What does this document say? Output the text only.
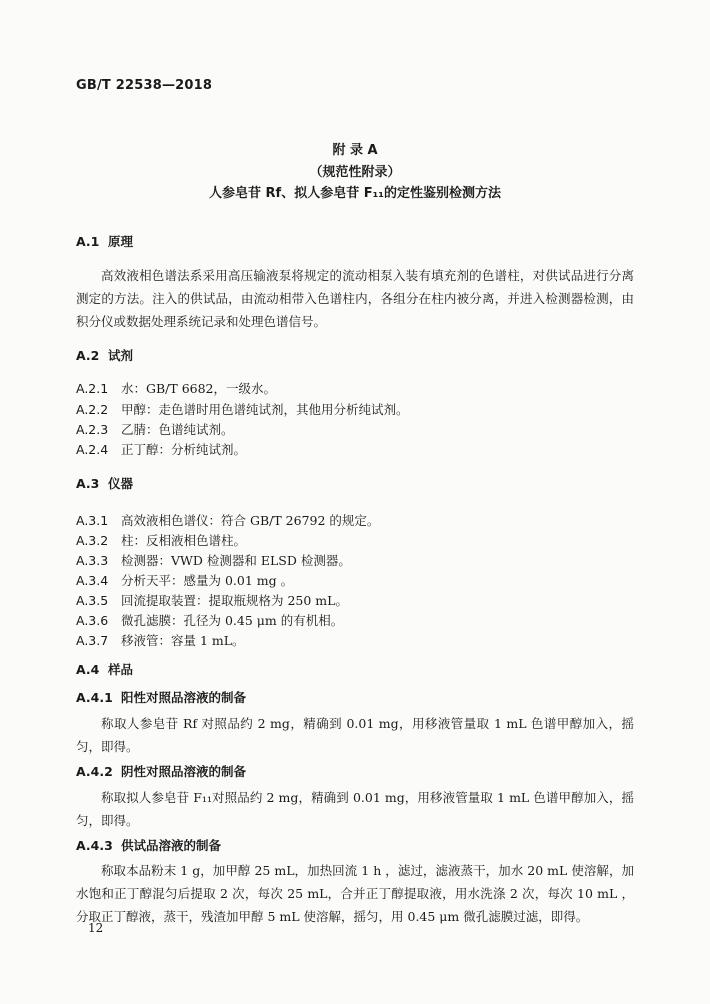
GB/T 22538—2018
附 录 A
（规范性附录）
人参皂苷 Rf、拟人参皂苷 F₁₁的定性鉴别检测方法
A.1 原理
高效液相色谱法系采用高压输液泵将规定的流动相泵入装有填充剂的色谱柱，对供试品进行分离测定的方法。注入的供试品，由流动相带入色谱柱内，各组分在柱内被分离，并进入检测器检测，由积分仪或数据处理系统记录和处理色谱信号。
A.2 试剂
A.2.1 水：GB/T 6682，一级水。
A.2.2 甲醇：走色谱时用色谱纯试剂，其他用分析纯试剂。
A.2.3 乙腈：色谱纯试剂。
A.2.4 正丁醇：分析纯试剂。
A.3 仪器
A.3.1 高效液相色谱仪：符合 GB/T 26792 的规定。
A.3.2 柱：反相液相色谱柱。
A.3.3 检测器：VWD 检测器和 ELSD 检测器。
A.3.4 分析天平：感量为 0.01 mg 。
A.3.5 回流提取装置：提取瓶规格为 250 mL。
A.3.6 微孔滤膜：孔径为 0.45 μm 的有机相。
A.3.7 移液管：容量 1 mL。
A.4 样品
A.4.1 阳性对照品溶液的制备
称取人参皂苷 Rf 对照品约 2 mg，精确到 0.01 mg，用移液管量取 1 mL 色谱甲醇加入，摇匀，即得。
A.4.2 阴性对照品溶液的制备
称取拟人参皂苷 F₁₁对照品约 2 mg，精确到 0.01 mg，用移液管量取 1 mL 色谱甲醇加入，摇匀，即得。
A.4.3 供试品溶液的制备
称取本品粉末 1 g，加甲醇 25 mL，加热回流 1 h ，滤过，滤液蒸干，加水 20 mL 使溶解，加水饱和正丁醇混匀后提取 2 次，每次 25 mL，合并正丁醇提取液，用水洗涤 2 次，每次 10 mL ，分取正丁醇液，蒸干，残渣加甲醇 5 mL 使溶解，摇匀，用 0.45 μm 微孔滤膜过滤，即得。
12
